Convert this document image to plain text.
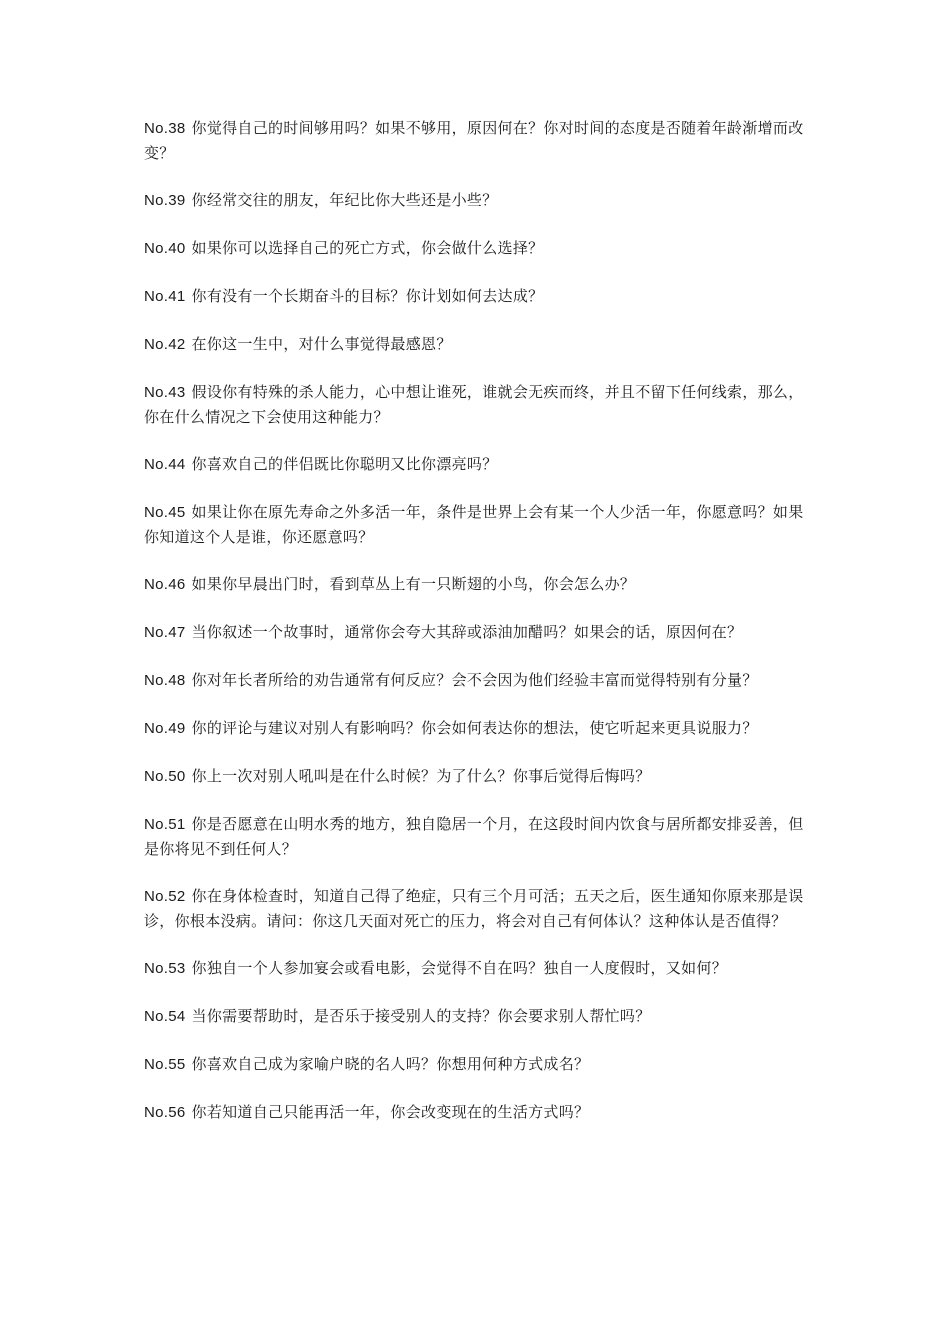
No.38 你觉得自己的时间够用吗？如果不够用，原因何在？你对时间的态度是否随着年龄渐增而改变？

No.39 你经常交往的朋友，年纪比你大些还是小些？

No.40 如果你可以选择自己的死亡方式，你会做什么选择？

No.41 你有没有一个长期奋斗的目标？你计划如何去达成？

No.42 在你这一生中，对什么事觉得最感恩？

No.43 假设你有特殊的杀人能力，心中想让谁死，谁就会无疾而终，并且不留下任何线索，那么，你在什么情况之下会使用这种能力？

No.44 你喜欢自己的伴侣既比你聪明又比你漂亮吗？

No.45 如果让你在原先寿命之外多活一年，条件是世界上会有某一个人少活一年，你愿意吗？如果你知道这个人是谁，你还愿意吗？

No.46 如果你早晨出门时，看到草丛上有一只断翅的小鸟，你会怎么办？

No.47 当你叙述一个故事时，通常你会夸大其辞或添油加醋吗？如果会的话，原因何在？

No.48 你对年长者所给的劝告通常有何反应？会不会因为他们经验丰富而觉得特别有分量？

No.49 你的评论与建议对别人有影响吗？你会如何表达你的想法，使它听起来更具说服力？

No.50 你上一次对别人吼叫是在什么时候？为了什么？你事后觉得后悔吗？

No.51 你是否愿意在山明水秀的地方，独自隐居一个月，在这段时间内饮食与居所都安排妥善，但是你将见不到任何人？

No.52 你在身体检查时，知道自己得了绝症，只有三个月可活；五天之后，医生通知你原来那是误诊，你根本没病。请问：你这几天面对死亡的压力，将会对自己有何体认？这种体认是否值得？

No.53 你独自一个人参加宴会或看电影，会觉得不自在吗？独自一人度假时，又如何？

No.54 当你需要帮助时，是否乐于接受别人的支持？你会要求别人帮忙吗？

No.55 你喜欢自己成为家喻户晓的名人吗？你想用何种方式成名？

No.56 你若知道自己只能再活一年，你会改变现在的生活方式吗？
